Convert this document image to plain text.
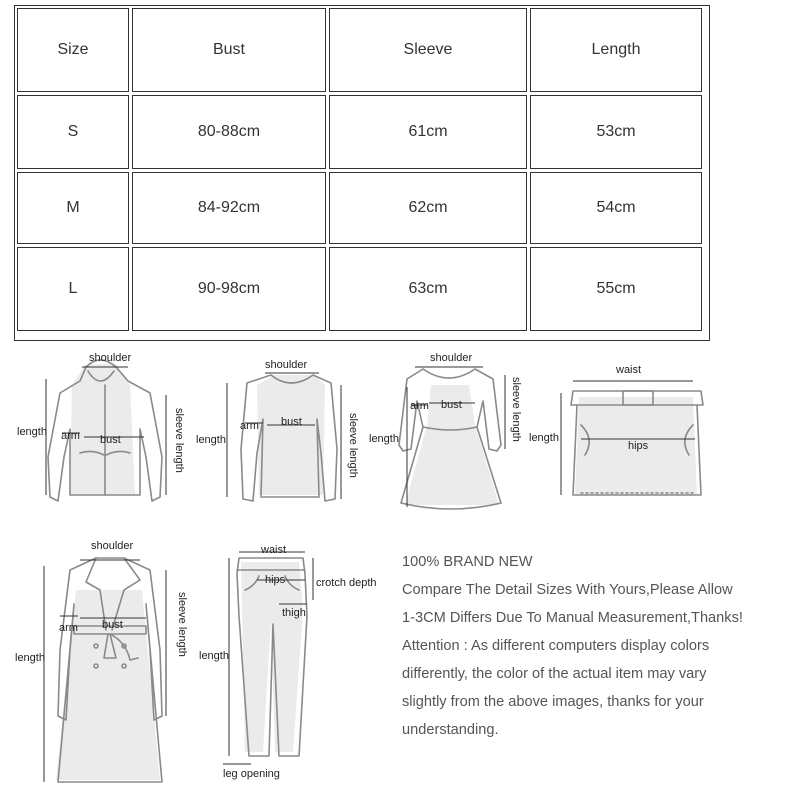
Size	Bust	Sleeve	Length
S	80-88cm	61cm	53cm
M	84-92cm	62cm	54cm
L	90-98cm	63cm	55cm
shoulder
length arm bust	sleeve length
shoulder
length
arm bust	sleeve length
shoulder
length
arm bust	sleeve length
waist
length
hips
shoulder
length
arm bust	sleeve length
waist
hips	crotch depth
thigh
length
leg opening

100% BRAND NEW

Compare The Detail Sizes With Yours,Please Allow

1-3CM Differs Due To Manual Measurement,Thanks!

Attention : As different computers display colors

differently, the color of the actual item may vary

slightly from the above images, thanks for your

understanding.
